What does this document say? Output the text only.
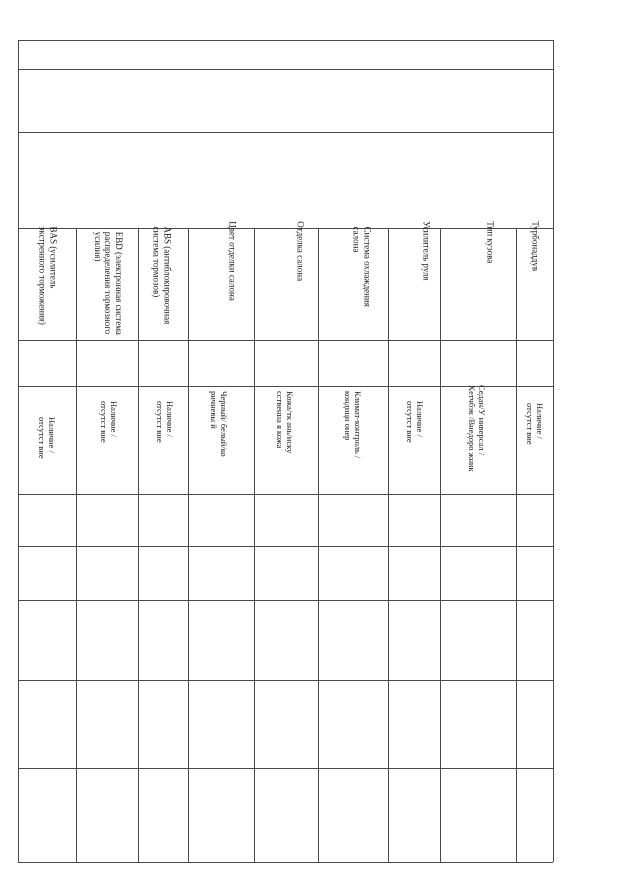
Турбонаддув
Наличие /отсутст вие
Тип кузова
Седан/У ниверсал /Хетчбэк /Внедоро жник
Усилитель руля
Наличие /отсутст вие
Система охлаждения салона
Климат-контроль /кондици онер
Отделка салона
Кожа/тк ань/иску сственна я кожа
Цвет отделки салона
Черный/ белый/ко ричневы й
ABS (антиблокировочная система тормозов)
Наличие /отсутст вие
EBD (электронная система распределения тормозного усилия)
Наличие /отсутст вие
BAS (усилитель экстренного торможения)
Наличие /отсутст вие
